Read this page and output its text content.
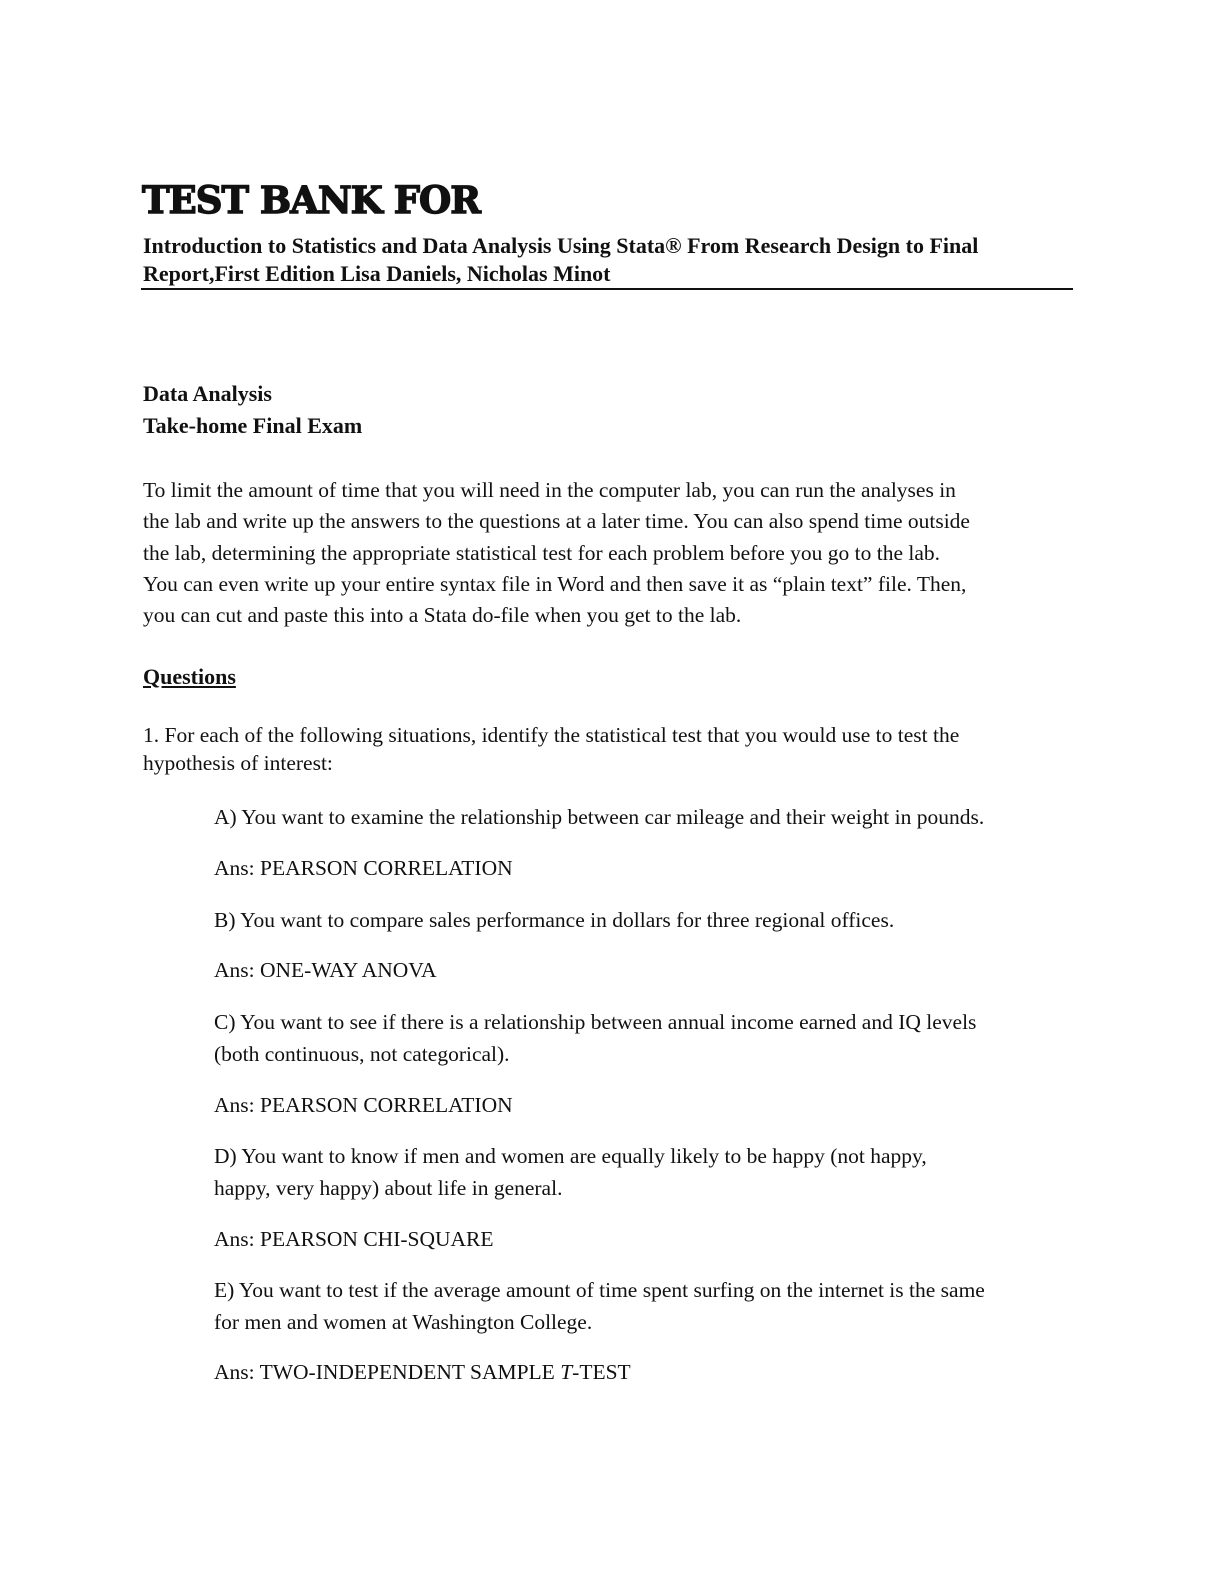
TEST BANK FOR
Introduction to Statistics and Data Analysis Using Stata® From Research Design to Final
Report,First Edition Lisa Daniels, Nicholas Minot
Data Analysis
Take-home Final Exam

To limit the amount of time that you will need in the computer lab, you can run the analyses in

the lab and write up the answers to the questions at a later time. You can also spend time outside

the lab, determining the appropriate statistical test for each problem before you go to the lab.

You can even write up your entire syntax file in Word and then save it as “plain text” file. Then,

you can cut and paste this into a Stata do-file when you get to the lab.

Questions
1. For each of the following situations, identify the statistical test that you would use to test the
hypothesis of interest:
A) You want to examine the relationship between car mileage and their weight in pounds.
Ans: PEARSON CORRELATION
B) You want to compare sales performance in dollars for three regional offices.
Ans: ONE-WAY ANOVA
C) You want to see if there is a relationship between annual income earned and IQ levels
(both continuous, not categorical).
Ans: PEARSON CORRELATION
D) You want to know if men and women are equally likely to be happy (not happy,
happy, very happy) about life in general.
Ans: PEARSON CHI-SQUARE
E) You want to test if the average amount of time spent surfing on the internet is the same
for men and women at Washington College.
Ans: TWO-INDEPENDENT SAMPLE T-TEST
